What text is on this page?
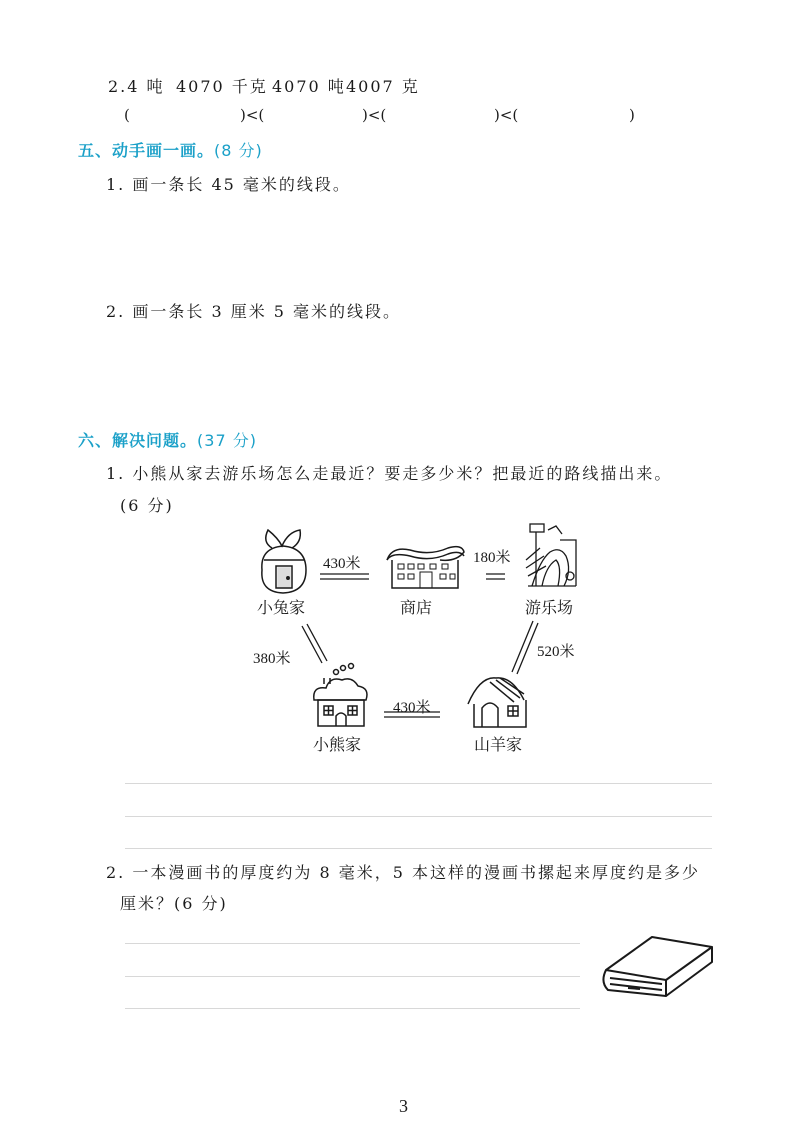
2.4 吨 4070 千克 4070 吨 4007 克
(	)<(	)<(	)<(	)
五、动手画一画。(8 分)
1. 画一条长 45 毫米的线段。
2. 画一条长 3 厘米 5 毫米的线段。
六、解决问题。(37 分)
1. 小熊从家去游乐场怎么走最近？要走多少米？把最近的路线描出来。
(6 分)
430米	180米
380米	520米
430米
小兔家	商店	游乐场
小熊家	山羊家
2. 一本漫画书的厚度约为 8 毫米，5 本这样的漫画书摞起来厚度约是多少
厘米？(6 分)
3
